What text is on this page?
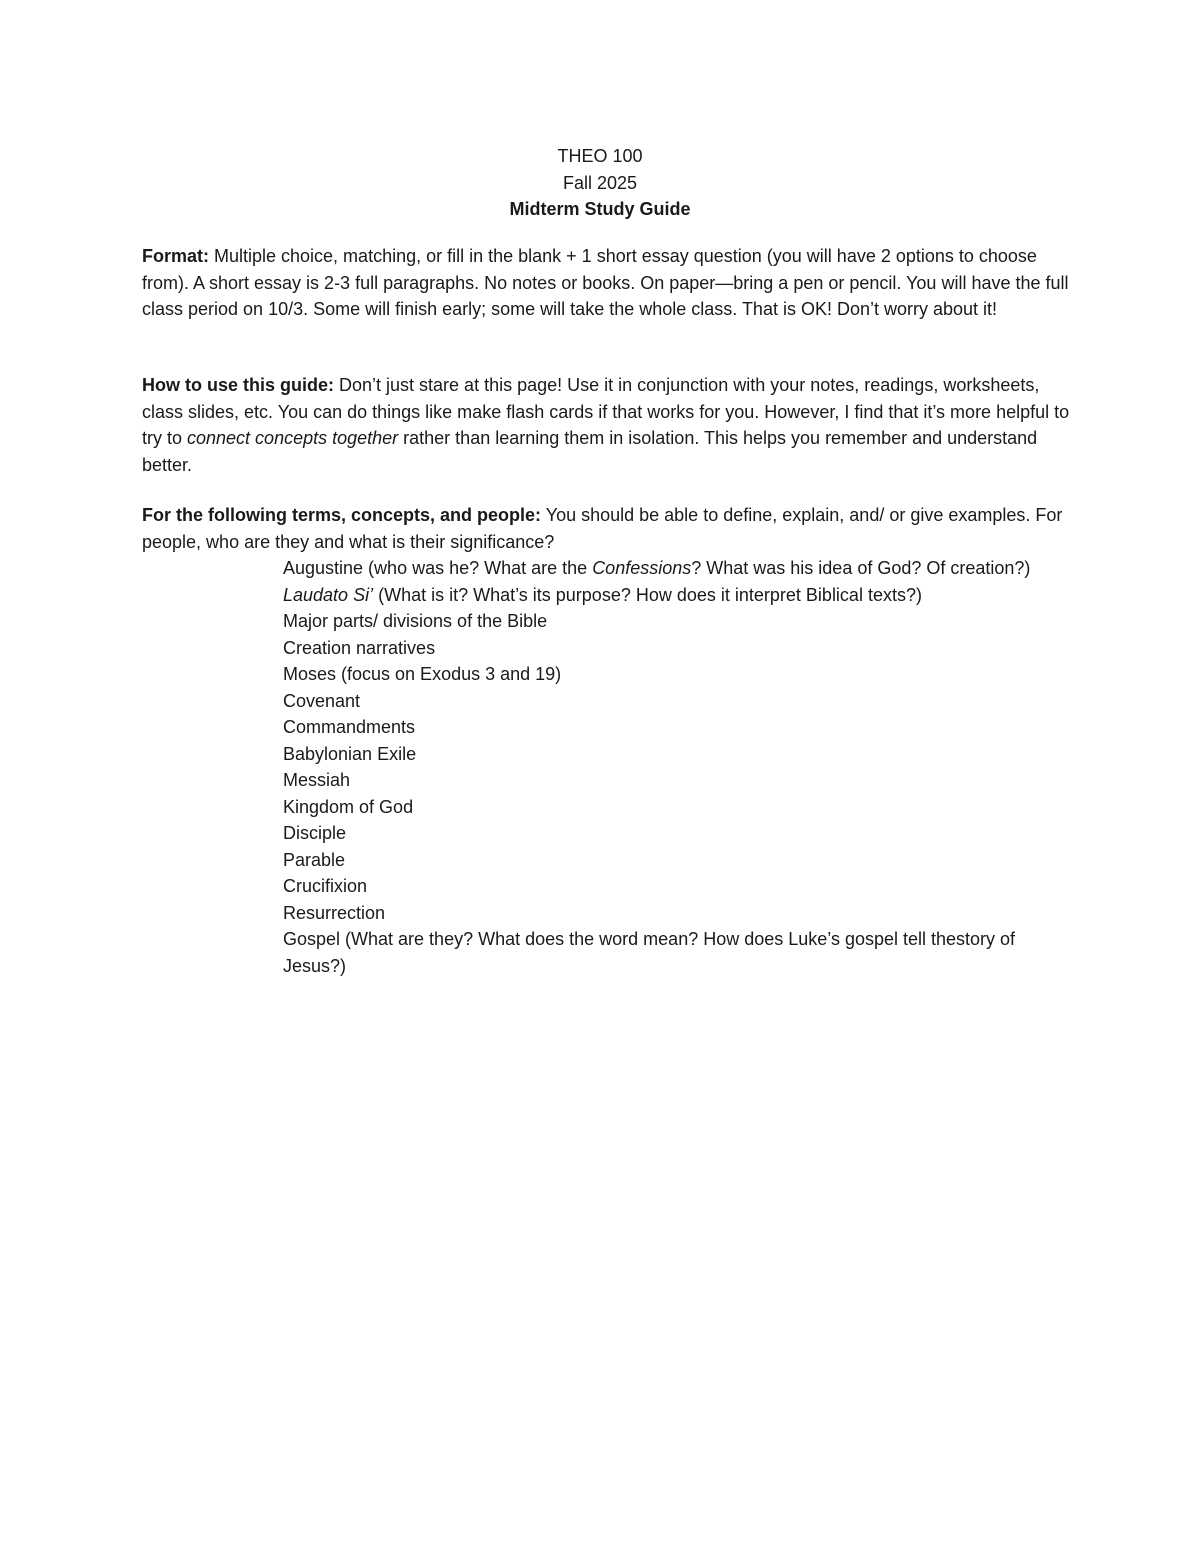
THEO 100
Fall 2025
Midterm Study Guide

Format: Multiple choice, matching, or fill in the blank + 1 short essay question (you will have 2 options to choose from). A short essay is 2-3 full paragraphs. No notes or books. On paper—bring a pen or pencil. You will have the full class period on 10/3. Some will finish early; some will take the whole class. That is OK! Don’t worry about it!

How to use this guide: Don’t just stare at this page! Use it in conjunction with your notes, readings, worksheets, class slides, etc. You can do things like make flash cards if that works for you. However, I find that it’s more helpful to try to connect concepts together rather than learning them in isolation. This helps you remember and understand better.

For the following terms, concepts, and people: You should be able to define, explain, and/ or give examples. For people, who are they and what is their significance?

Augustine (who was he? What are the Confessions? What was his idea of God? Of creation?)
Laudato Si’ (What is it? What’s its purpose? How does it interpret Biblical texts?)
Major parts/ divisions of the Bible
Creation narratives
Moses (focus on Exodus 3 and 19)
Covenant
Commandments
Babylonian Exile
Messiah
Kingdom of God
Disciple
Parable
Crucifixion
Resurrection
Gospel (What are they? What does the word mean? How does Luke’s gospel tell thestory of Jesus?)
